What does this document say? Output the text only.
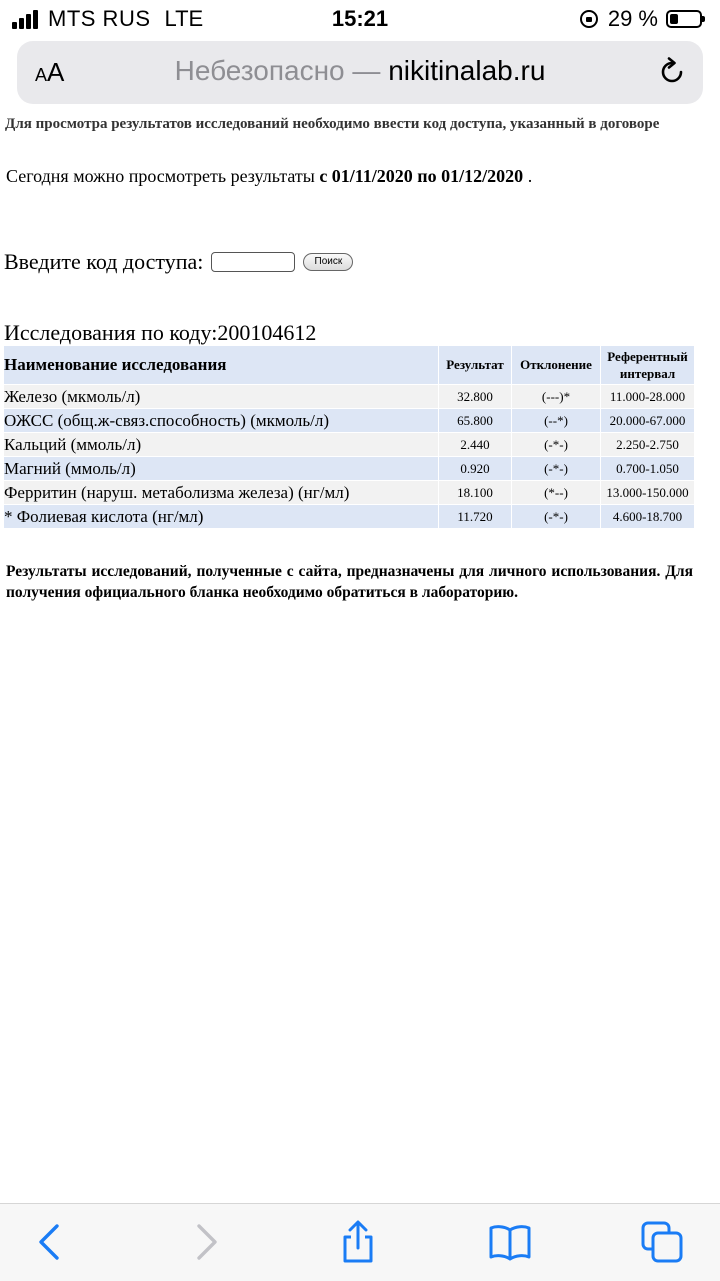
MTS RUS LTE	15:21	29 %
AA	Небезопасно — nikitinalab.ru
Для просмотра результатов исследований необходимо ввести код доступа, указанный в договоре
Сегодня можно просмотреть результаты с 01/11/2020 по 01/12/2020 .
Введите код доступа:	Поиск
Исследования по коду:200104612
Наименование исследования	Результат	Отклонение	Референтный
интервал
Железо (мкмоль/л)	32.800	(---)*	11.000-28.000
ОЖСС (общ.ж-связ.способность) (мкмоль/л)	65.800	(--*)	20.000-67.000
Кальций (ммоль/л)	2.440	(-*-)	2.250-2.750
Магний (ммоль/л)	0.920	(-*-)	0.700-1.050
Ферритин (наруш. метаболизма железа) (нг/мл)	18.100	(*--)	13.000-150.000
* Фолиевая кислота (нг/мл)	11.720	(-*-)	4.600-18.700
Результаты исследований, полученные с сайта, предназначены для личного использования. Для получения официального бланка необходимо обратиться в лабораторию.
